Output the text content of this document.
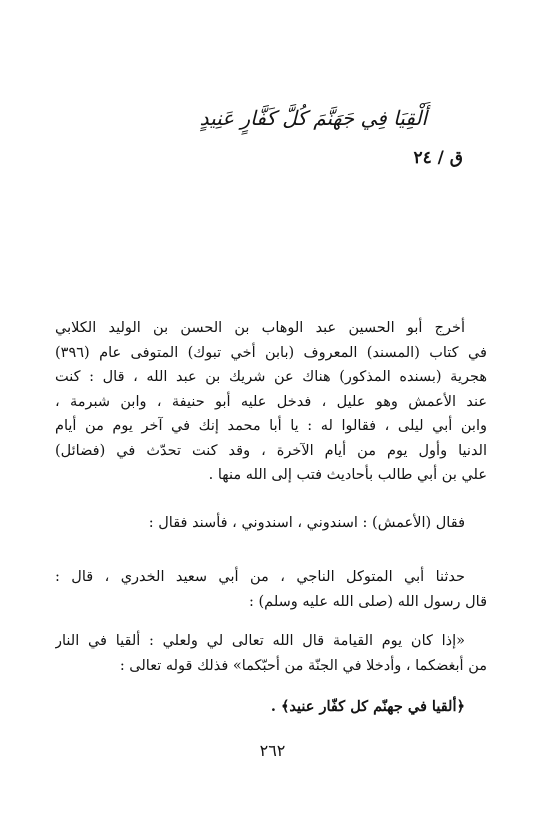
أَلْقِيَا فِي جَهَنَّمَ كُلَّ كَفَّارٍ عَنِيدٍ
ق / ٢٤
أخرج أبو الحسين عبد الوهاب بن الحسن بن الوليد الكلابي
في كتاب (المسند) المعروف (بابن أخي تبوك) المتوفى عام (٣٩٦)
هجرية (بسنده المذكور) هناك عن شريك بن عبد الله ، قال : كنت
عند الأعمش وهو عليل ، فدخل عليه أبو حنيفة ، وابن شبرمة ،
وابن أبي ليلى ، فقالوا له : يا أبا محمد إنك في آخر يوم من أيام
الدنيا وأول يوم من أيام الآخرة ، وقد كنت تحدّث في (فضائل)
علي بن أبي طالب بأحاديث فتب إلى الله منها .
فقال (الأعمش) : اسندوني ، اسندوني ، فأسند فقال :
حدثنا أبي المتوكل الناجي ، من أبي سعيد الخدري ، قال :
قال رسول الله (صلى الله عليه وسلم) :
«إذا كان يوم القيامة قال الله تعالى لي ولعلي : ألقيا في النار
من أبغضكما ، وأدخلا في الجنّة من أحبّكما» فذلك قوله تعالى :
﴿ألقيا في جهنّم كل كفّار عنيد﴾ .
٢٦٢
